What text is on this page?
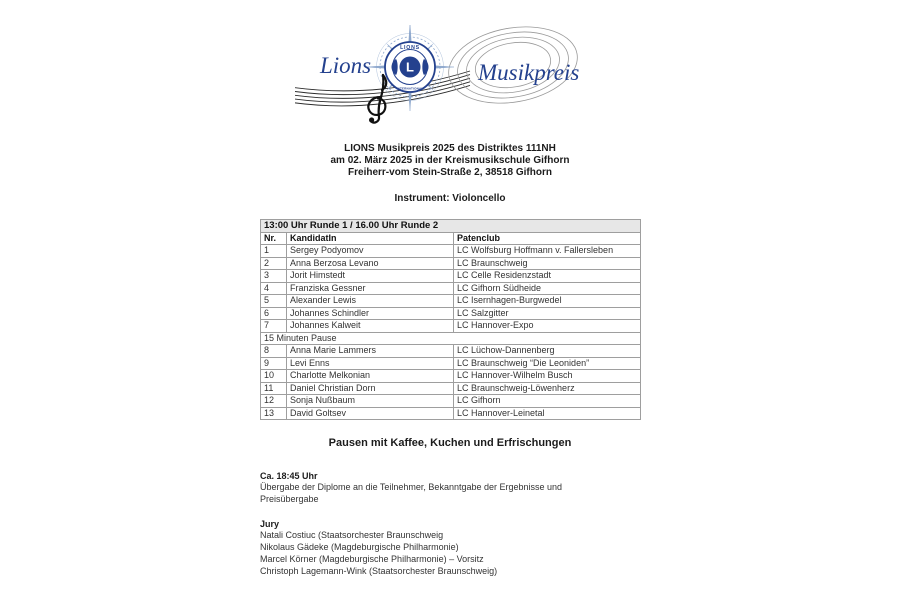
LIONS
INTERNATIONAL
L
Lions	Musikpreis
LIONS Musikpreis 2025 des Distriktes 111NH
am 02. März 2025 in der Kreismusikschule Gifhorn
Freiherr-vom Stein-Straße 2, 38518 Gifhorn
Instrument: Violoncello
13:00 Uhr Runde 1 / 16.00 Uhr Runde 2		
Nr.	KandidatIn	Patenclub
1	Sergey Podyomov	LC Wolfsburg Hoffmann v. Fallersleben
2	Anna Berzosa Levano	LC Braunschweig
3	Jorit Himstedt	LC Celle Residenzstadt
4	Franziska Gessner	LC Gifhorn Südheide
5	Alexander Lewis	LC Isernhagen-Burgwedel
6	Johannes Schindler	LC Salzgitter
7	Johannes Kalweit	LC Hannover-Expo
15 Minuten Pause		
8	Anna Marie Lammers	LC Lüchow-Dannenberg
9	Levi Enns	LC Braunschweig “Die Leoniden”
10	Charlotte Melkonian	LC Hannover-Wilhelm Busch
11	Daniel Christian Dorn	LC Braunschweig-Löwenherz
12	Sonja Nußbaum	LC Gifhorn
13	David Goltsev	LC Hannover-Leinetal
Pausen mit Kaffee, Kuchen und Erfrischungen
Ca. 18:45 Uhr
Übergabe der Diplome an die Teilnehmer, Bekanntgabe der Ergebnisse und Preisübergabe
Jury
Natali Costiuc (Staatsorchester Braunschweig
Nikolaus Gädeke (Magdeburgische Philharmonie)
Marcel Körner (Magdeburgische Philharmonie) – Vorsitz
Christoph Lagemann-Wink (Staatsorchester Braunschweig)
